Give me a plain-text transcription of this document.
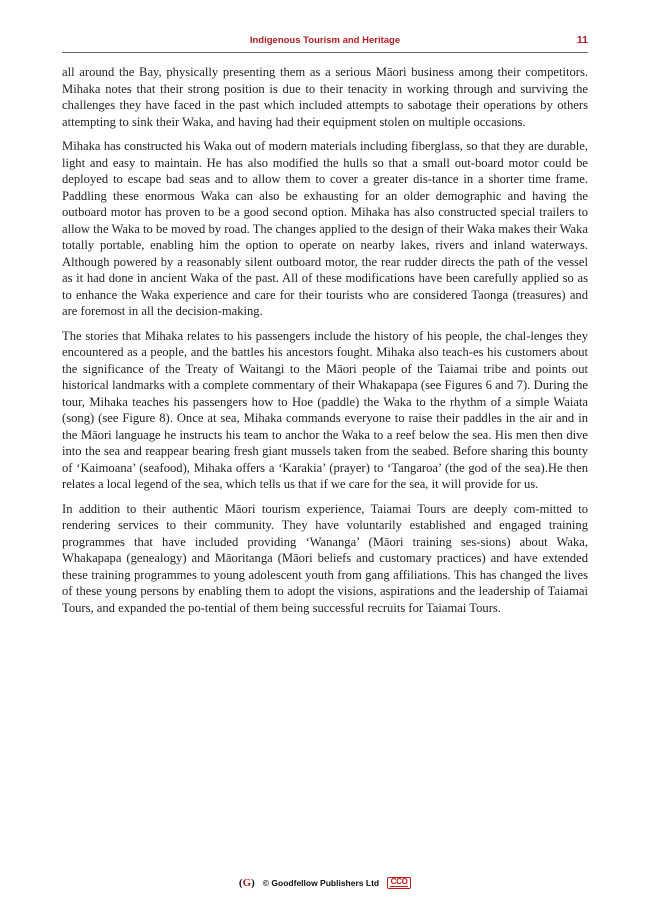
Indigenous Tourism and Heritage	11

all around the Bay, physically presenting them as a serious Māori business among their competitors. Mihaka notes that their strong position is due to their tenacity in working through and surviving the challenges they have faced in the past which included attempts to sabotage their operations by others attempting to sink their Waka, and having had their equipment stolen on multiple occasions.

Mihaka has constructed his Waka out of modern materials including fiberglass, so that they are durable, light and easy to maintain. He has also modified the hulls so that a small out-board motor could be deployed to escape bad seas and to allow them to cover a greater dis-tance in a shorter time frame. Paddling these enormous Waka can also be exhausting for an older demographic and having the outboard motor has proven to be a good second option. Mihaka has also constructed special trailers to allow the Waka to be moved by road. The changes applied to the design of their Waka makes their Waka totally portable, enabling him the option to operate on nearby lakes, rivers and inland waterways. Although powered by a reasonably silent outboard motor, the rear rudder directs the path of the vessel as it had done in ancient Waka of the past. All of these modifications have been carefully applied so as to enhance the Waka experience and care for their tourists who are considered Taonga (treasures) and are foremost in all the decision-making.

The stories that Mihaka relates to his passengers include the history of his people, the chal-lenges they encountered as a people, and the battles his ancestors fought. Mihaka also teach-es his customers about the significance of the Treaty of Waitangi to the Māori people of the Taiamai tribe and points out historical landmarks with a complete commentary of their Whakapapa (see Figures 6 and 7). During the tour, Mihaka teaches his passengers how to Hoe (paddle) the Waka to the rhythm of a simple Waiata (song) (see Figure 8). Once at sea, Mihaka commands everyone to raise their paddles in the air and in the Māori language he instructs his team to anchor the Waka to a reef below the sea. His men then dive into the sea and reappear bearing fresh giant mussels taken from the seabed. Before sharing this bounty of ‘Kaimoana’ (seafood), Mihaka offers a ‘Karakia’ (prayer) to ‘Tangaroa’ (the god of the sea).He then relates a local legend of the sea, which tells us that if we care for the sea, it will provide for us.

In addition to their authentic Māori tourism experience, Taiamai Tours are deeply com-mitted to rendering services to their community. They have voluntarily established and engaged training programmes that have included providing ‘Wananga’ (Māori training ses-sions) about Waka, Whakapapa (genealogy) and Māoritanga (Māori beliefs and customary practices) and have extended these training programmes to young adolescent youth from gang affiliations. This has changed the lives of these young persons by enabling them to adopt the visions, aspirations and the leadership of Taiamai Tours, and expanded the po-tential of them being successful recruits for Taiamai Tours.

(G) © Goodfellow Publishers Ltd	CCO
